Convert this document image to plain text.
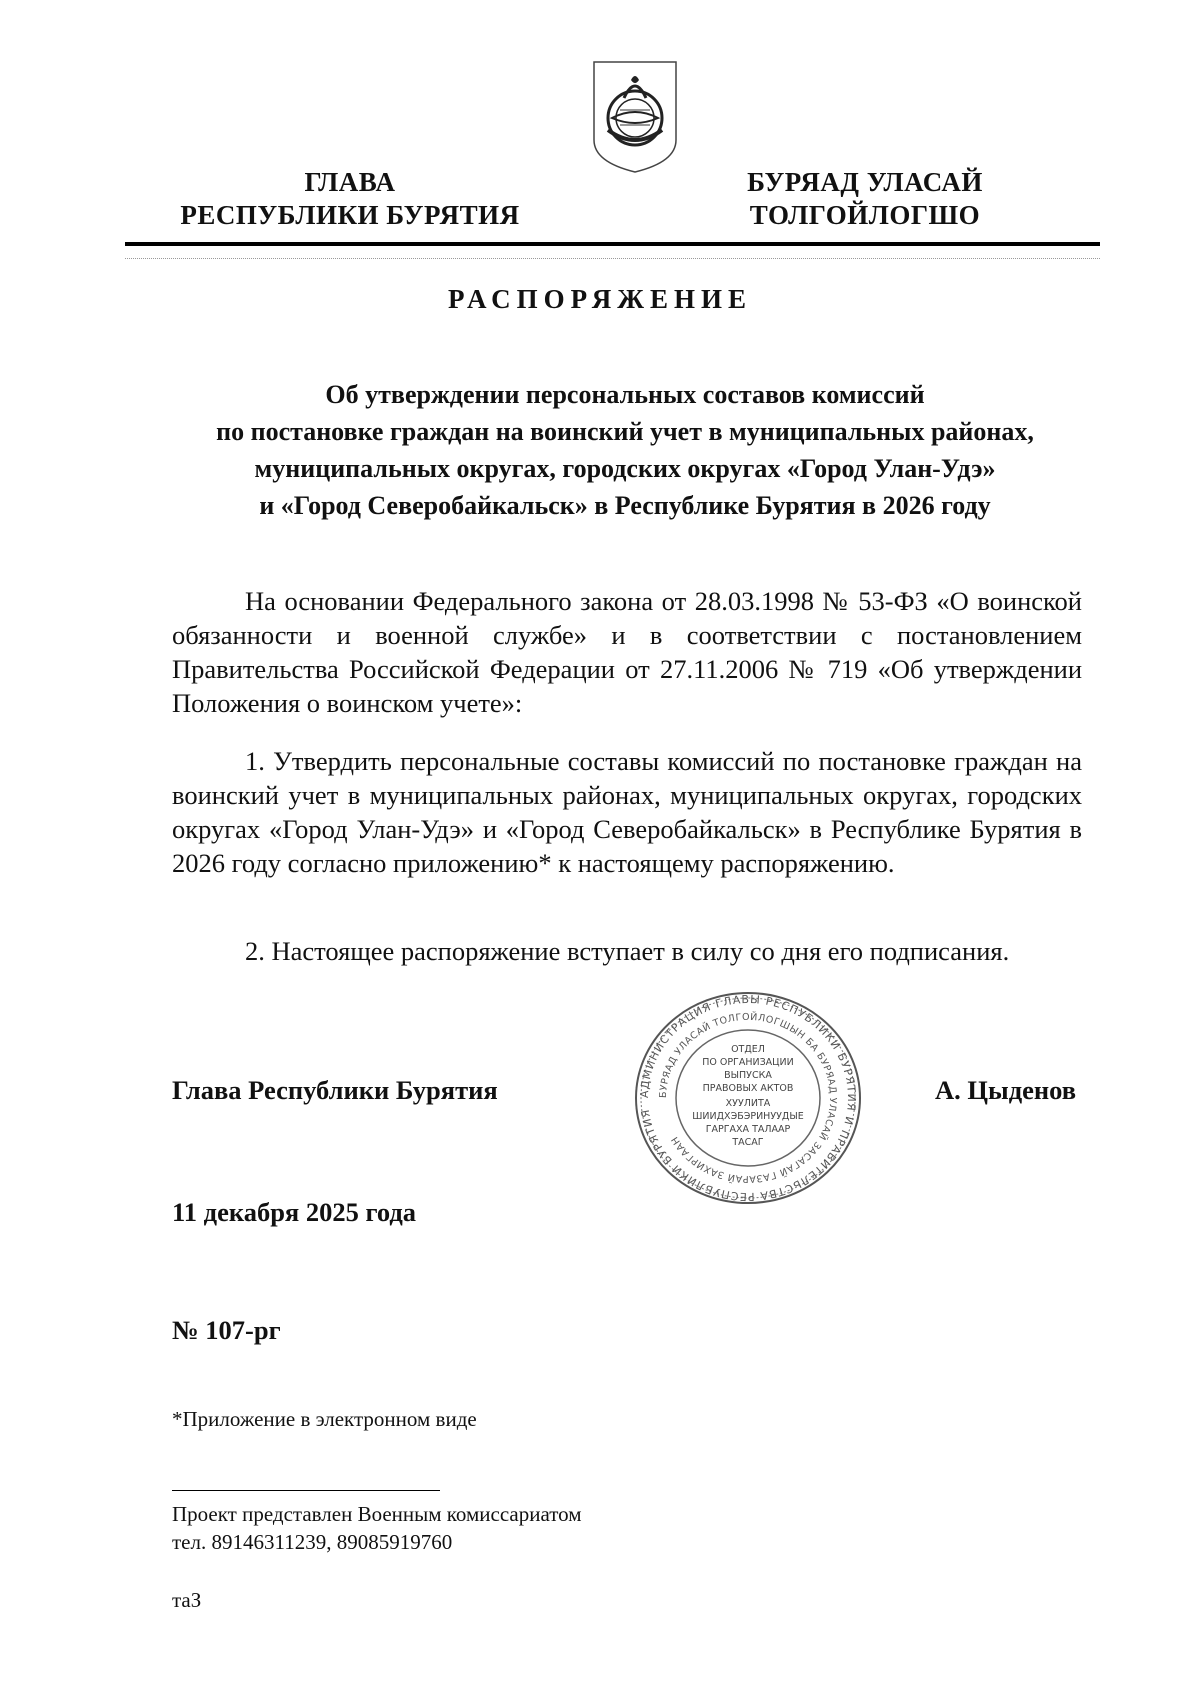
ГЛАВА
РЕСПУБЛИКИ БУРЯТИЯ
БУРЯАД УЛАСАЙ
ТОЛГОЙЛОГШО
РАСПОРЯЖЕНИЕ
Об утверждении персональных составов комиссий
по постановке граждан на воинский учет в муниципальных районах,
муниципальных округах, городских округах «Город Улан-Удэ»
и «Город Северобайкальск» в Республике Бурятия в 2026 году
На основании Федерального закона от 28.03.1998 № 53-ФЗ «О воинской обязанности и военной службе» и в соответствии с постановлением Правительства Российской Федерации от 27.11.2006 № 719 «Об утверждении Положения о воинском учете»:
1. Утвердить персональные составы комиссий по постановке граждан на воинский учет в муниципальных районах, муниципальных округах, городских округах «Город Улан-Удэ» и «Город Северобайкальск» в Республике Бурятия в 2026 году согласно приложению* к настоящему распоряжению.
2. Настоящее распоряжение вступает в силу со дня его подписания.
Глава Республики Бурятия	АДМИНИСТРАЦИЯ ГЛАВЫ РЕСПУБЛИКИ БУРЯТИЯ И ПРАВИТЕЛЬСТВА РЕСПУБЛИКИ БУРЯТИЯ
БУРЯАД УЛАСАЙ ТОЛГОЙЛОГШЫН БА БУРЯАД УЛАСАЙ ЗАСАГАЙ ГАЗАРАЙ ЗАХИРГААН
ОТДЕЛ
ПО ОРГАНИЗАЦИИ
ВЫПУСКА
ПРАВОВЫХ АКТОВ
ХУУЛИТА
ШИИДХЭБЭРИНУУДЫЕ
ГАРГАХА ТАЛААР
ТАСАГ
А. Цыденов
11 декабря 2025 года
№ 107-рг
*Приложение в электронном виде
Проект представлен Военным комиссариатом
тел. 89146311239, 89085919760
таЗ
